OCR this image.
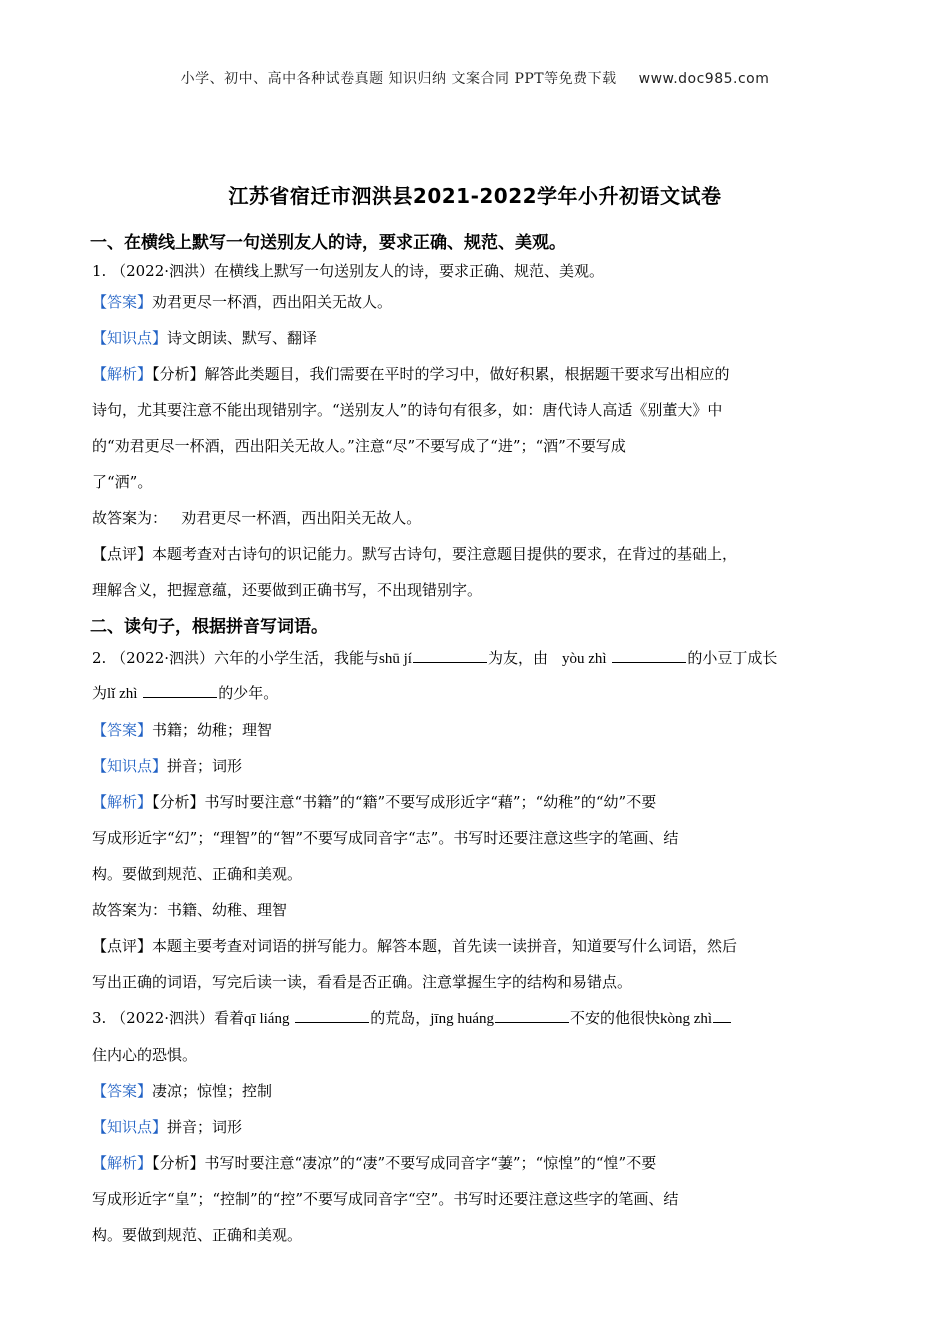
小学、初中、高中各种试卷真题 知识归纳 文案合同 PPT等免费下载 www.doc985.com
江苏省宿迁市泗洪县2021-2022学年小升初语文试卷
一、在横线上默写一句送别友人的诗，要求正确、规范、美观。
1. （2022·泗洪）在横线上默写一句送别友人的诗，要求正确、规范、美观。
【答案】劝君更尽一杯酒，西出阳关无故人。
【知识点】诗文朗读、默写、翻译
【解析】【分析】解答此类题目，我们需要在平时的学习中，做好积累，根据题干要求写出相应的
诗句，尤其要注意不能出现错别字。“送别友人”的诗句有很多，如：唐代诗人高适《别董大》中
的“劝君更尽一杯酒，西出阳关无故人。”注意“尽”不要写成了“进”；“酒”不要写成
了“洒”。
故答案为：   劝君更尽一杯酒，西出阳关无故人。
【点评】本题考查对古诗句的识记能力。默写古诗句，要注意题目提供的要求，在背过的基础上，
理解含义，把握意蕴，还要做到正确书写，不出现错别字。
二、读句子，根据拼音写词语。
2. （2022·泗洪）六年的小学生活，我能与shū jí	为友，由 yòu zhì	的小豆丁成长
为lǐ zhì	的少年。
【答案】书籍；幼稚；理智
【知识点】拼音；词形
【解析】【分析】书写时要注意“书籍”的“籍”不要写成形近字“藉”；“幼稚”的“幼”不要
写成形近字“幻”；“理智”的“智”不要写成同音字“志”。书写时还要注意这些字的笔画、结
构。要做到规范、正确和美观。
故答案为：书籍、幼稚、理智
【点评】本题主要考查对词语的拼写能力。解答本题，首先读一读拼音，知道要写什么词语，然后
写出正确的词语，写完后读一读，看看是否正确。注意掌握生字的结构和易错点。
3. （2022·泗洪）看着qī liáng	的荒岛，jīng huáng	不安的他很快kòng zhì
住内心的恐惧。
【答案】凄凉；惊惶；控制
【知识点】拼音；词形
【解析】【分析】书写时要注意“凄凉”的“凄”不要写成同音字“萋”；“惊惶”的“惶”不要
写成形近字“皇”；“控制”的“控”不要写成同音字“空”。书写时还要注意这些字的笔画、结
构。要做到规范、正确和美观。
